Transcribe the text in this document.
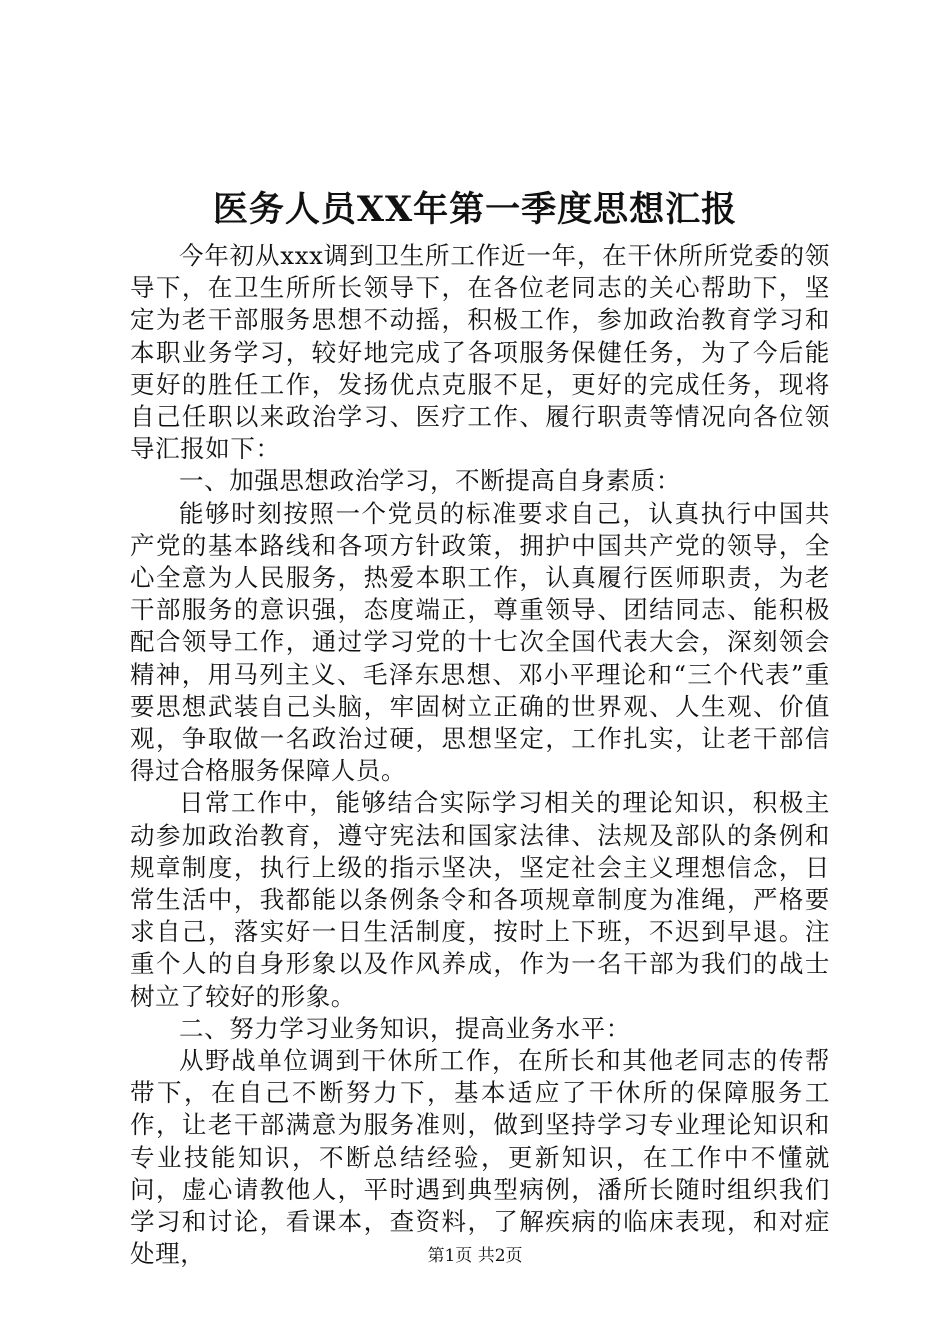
医务人员XX年第一季度思想汇报

今年初从xxx调到卫生所工作近一年，在干休所所党委的领导下，在卫生所所长领导下，在各位老同志的关心帮助下，坚定为老干部服务思想不动摇，积极工作，参加政治教育学习和本职业务学习，较好地完成了各项服务保健任务，为了今后能更好的胜任工作，发扬优点克服不足，更好的完成任务，现将自己任职以来政治学习、医疗工作、履行职责等情况向各位领导汇报如下：

一、加强思想政治学习，不断提高自身素质：

能够时刻按照一个党员的标准要求自己，认真执行中国共产党的基本路线和各项方针政策，拥护中国共产党的领导，全心全意为人民服务，热爱本职工作，认真履行医师职责，为老干部服务的意识强，态度端正，尊重领导、团结同志、能积极配合领导工作，通过学习党的十七次全国代表大会，深刻领会精神，用马列主义、毛泽东思想、邓小平理论和“三个代表”重要思想武装自己头脑，牢固树立正确的世界观、人生观、价值观，争取做一名政治过硬，思想坚定，工作扎实，让老干部信得过合格服务保障人员。

日常工作中，能够结合实际学习相关的理论知识，积极主动参加政治教育，遵守宪法和国家法律、法规及部队的条例和规章制度，执行上级的指示坚决，坚定社会主义理想信念，日常生活中，我都能以条例条令和各项规章制度为准绳，严格要求自己，落实好一日生活制度，按时上下班，不迟到早退。注重个人的自身形象以及作风养成，作为一名干部为我们的战士树立了较好的形象。

二、努力学习业务知识，提高业务水平：

从野战单位调到干休所工作，在所长和其他老同志的传帮带下，在自己不断努力下，基本适应了干休所的保障服务工作，让老干部满意为服务准则，做到坚持学习专业理论知识和专业技能知识，不断总结经验，更新知识，在工作中不懂就问，虚心请教他人，平时遇到典型病例，潘所长随时组织我们学习和讨论，看课本，查资料，了解疾病的临床表现，和对症处理，	第1页 共2页
